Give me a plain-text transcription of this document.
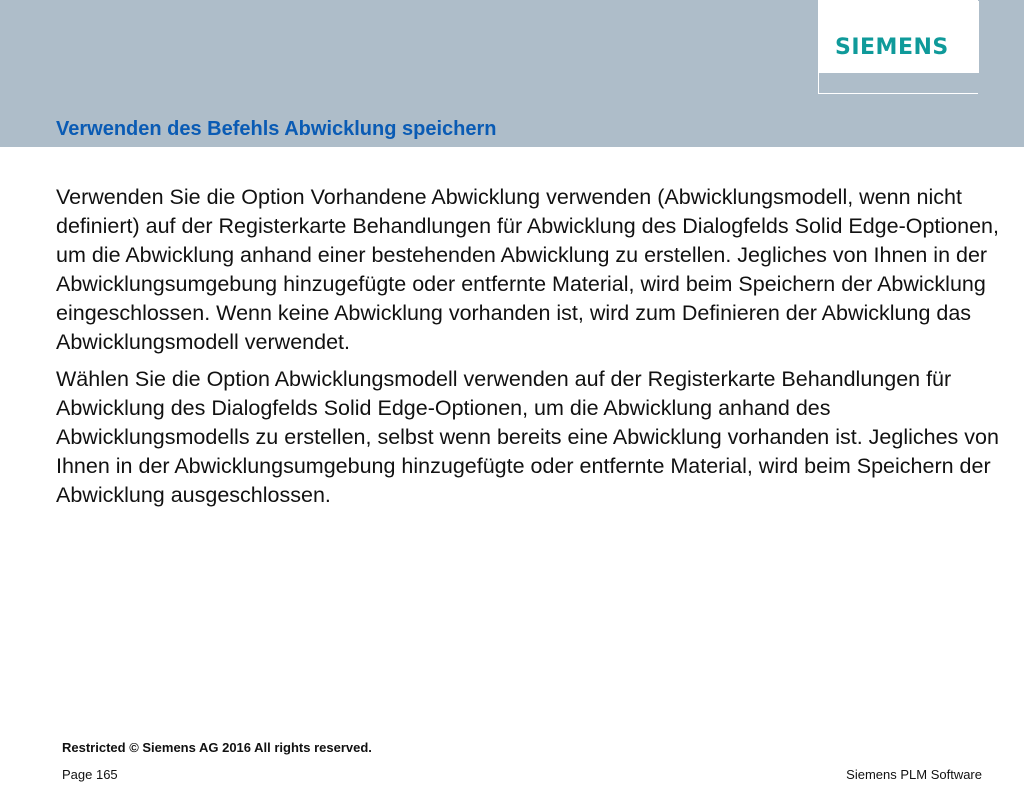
SIEMENS
Verwenden des Befehls Abwicklung speichern

Verwenden Sie die Option Vorhandene Abwicklung verwenden (Abwicklungsmodell, wenn nicht definiert) auf der Registerkarte Behandlungen für Abwicklung des Dialogfelds Solid Edge-Optionen, um die Abwicklung anhand einer bestehenden Abwicklung zu erstellen. Jegliches von Ihnen in der Abwicklungsumgebung hinzugefügte oder entfernte Material, wird beim Speichern der Abwicklung eingeschlossen. Wenn keine Abwicklung vorhanden ist, wird zum Definieren der Abwicklung das Abwicklungsmodell verwendet.

Wählen Sie die Option Abwicklungsmodell verwenden auf der Registerkarte Behandlungen für Abwicklung des Dialogfelds Solid Edge-Optionen, um die Abwicklung anhand des Abwicklungsmodells zu erstellen, selbst wenn bereits eine Abwicklung vorhanden ist. Jegliches von Ihnen in der Abwicklungsumgebung hinzugefügte oder entfernte Material, wird beim Speichern der Abwicklung ausgeschlossen.

Restricted © Siemens AG 2016 All rights reserved.
Page 165	Siemens PLM Software
